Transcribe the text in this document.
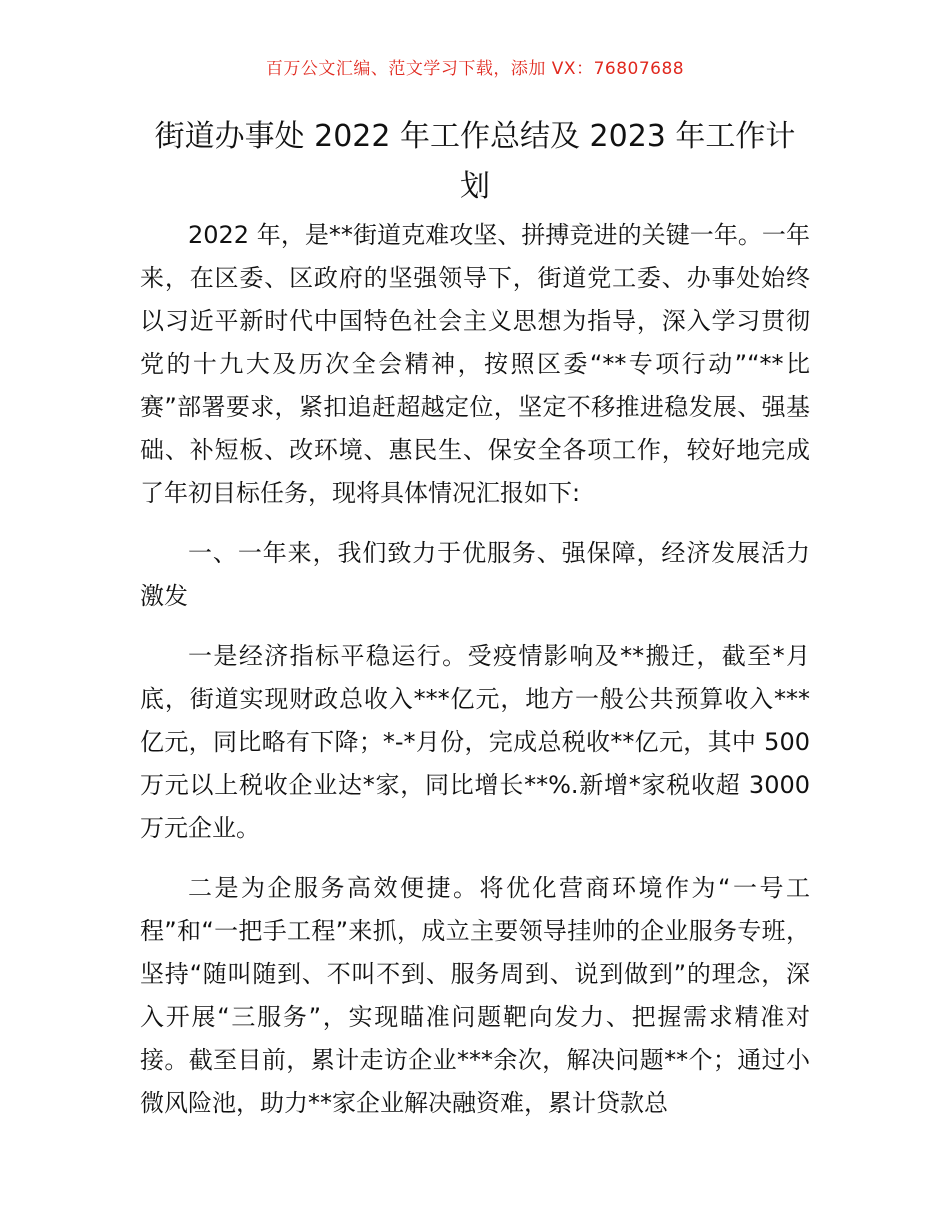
百万公文汇编、范文学习下载，添加 VX：76807688
街道办事处 2022 年工作总结及 2023 年工作计划

2022 年，是**街道克难攻坚、拼搏竞进的关键一年。一年来，在区委、区政府的坚强领导下，街道党工委、办事处始终以习近平新时代中国特色社会主义思想为指导，深入学习贯彻党的十九大及历次全会精神，按照区委“**专项行动”“**比赛”部署要求，紧扣追赶超越定位，坚定不移推进稳发展、强基础、补短板、改环境、惠民生、保安全各项工作，较好地完成了年初目标任务，现将具体情况汇报如下:

一、一年来，我们致力于优服务、强保障，经济发展活力激发

一是经济指标平稳运行。受疫情影响及**搬迁，截至*月底，街道实现财政总收入***亿元，地方一般公共预算收入***亿元，同比略有下降；*-*月份，完成总税收**亿元，其中 500 万元以上税收企业达*家，同比增长**%.新增*家税收超 3000 万元企业。

二是为企服务高效便捷。将优化营商环境作为“一号工程”和“一把手工程”来抓，成立主要领导挂帅的企业服务专班，坚持“随叫随到、不叫不到、服务周到、说到做到”的理念，深入开展“三服务”，实现瞄准问题靶向发力、把握需求精准对接。截至目前，累计走访企业***余次，解决问题**个；通过小微风险池，助力**家企业解决融资难，累计贷款总
